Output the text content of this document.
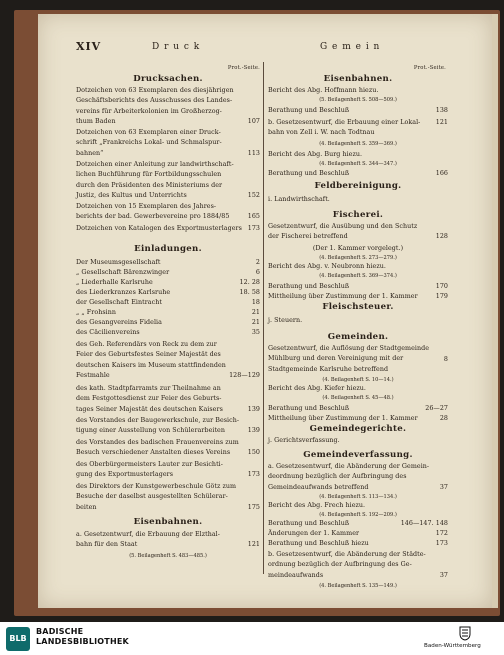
XIV	D r u c k	G e m e i n
Prot.-Seite.
Drucksachen.
Dotzeichen von 63 Exemplaren des diesjährigen
Geschäftsberichts des Ausschusses des Landes-
vereins für Arbeiterkolonien im Großherzog-
thum Baden	107
Dotzeichen von 63 Exemplaren einer Druck-
schrift „Frankreichs Lokal- und Schmalspur-
bahnen“	113
Dotzeichen einer Anleitung zur landwirthschaft-
lichen Buchführung für Fortbildungsschulen
durch den Präsidenten des Ministeriums der
Justiz, des Kultus und Unterrichts	152
Dotzeichen von 15 Exemplaren des Jahres-
berichts der bad. Gewerbevereine pro 1884/85	165
Dotzeichen von Katalogen des Exportmusterlagers 173
Einladungen.
Der Museumsgesellschaft	2
„ Gesellschaft Bärenzwinger	6
„ Liederhalle Karlsruhe	12. 28
des Liederkranzes Karlsruhe	18. 58
der Gesellschaft Eintracht	18
„ „ Frohsinn	21
des Gesangvereins Fidelia	21
des Cäcilienvereins	35
des Geh. Referendärs von Reck zu dem zur
Feier des Geburtsfestes Seiner Majestät des
deutschen Kaisers im Museum stattfindenden
Festmahle	128—129
des kath. Stadtpfarramts zur Theilnahme an
dem Festgottesdienst zur Feier des Geburts-
tages Seiner Majestät des deutschen Kaisers	139
des Vorstandes der Baugewerkschule, zur Besich-
tigung einer Ausstellung von Schülerarbeiten	139
des Vorstandes des badischen Frauenvereins zum
Besuch verschiedener Anstalten dieses Vereins	150
des Oberbürgermeisters Lauter zur Besichti-
gung des Exportmusterlagers	173
des Direktors der Kunstgewerbeschule Götz zum
Besuche der daselbst ausgestellten Schülerar-
beiten	175
Eisenbahnen.
a. Gesetzentwurf, die Erbauung der Elzthal-
bahn für den Staat	121
(5. Beilagenheft S. 483—485.)
Prot.-Seite.
Eisenbahnen.
Bericht des Abg. Hoffmann hiezu.
(5. Beilagenheft S. 508—509.)
Berathung und Beschluß	138
b. Gesetzesentwurf, die Erbauung einer Lokal-
bahn von Zell i. W. nach Todtnau
121
(4. Beilagenheft S. 359—369.)
Bericht des Abg. Burg hiezu.
(4. Beilagenheft S. 344—347.)
Berathung und Beschluß	166
Feldbereinigung.
i. Landwirthschaft.
Fischerei.
Gesetzentwurf, die Ausübung und den Schutz
der Fischerei betreffend	128
(Der 1. Kammer vorgelegt.)
(4. Beilagenheft S. 273—279.)
Bericht des Abg. v. Neubronn hiezu.
(4. Beilagenheft S. 369—374.)
Berathung und Beschluß	170
Mittheilung über Zustimmung der 1. Kammer	179
Fleischsteuer.
j. Steuern.
Gemeinden.
Gesetzentwurf, die Auflösung der Stadtgemeinde
Mühlburg und deren Vereinigung mit der
Stadtgemeinde Karlsruhe betreffend
8
(4. Beilagenheft S. 10—14.)
Bericht des Abg. Kiefer hiezu.
(4. Beilagenheft S. 45—48.)
Berathung und Beschluß	26—27
Mittheilung über Zustimmung der 1. Kammer	28
Gemeindegerichte.
j. Gerichtsverfassung.
Gemeindeverfassung.
a. Gesetzesentwurf, die Abänderung der Gemein-
deordnung bezüglich der Aufbringung des
Gemeindeaufwands betreffend	37
(4. Beilagenheft S. 113—134.)
Bericht des Abg. Frech hiezu.
(4. Beilagenheft S. 192—209.)
Berathung und Beschluß	146—147. 148
Änderungen der 1. Kammer	172
Berathung und Beschluß hiezu	173
b. Gesetzesentwurf, die Abänderung der Städte-
ordnung bezüglich der Aufbringung des Ge-
meindeaufwands	37
(4. Beilagenheft S. 135—149.)
BLB
BADISCHE
LANDESBIBLIOTHEK	Baden-Württemberg
